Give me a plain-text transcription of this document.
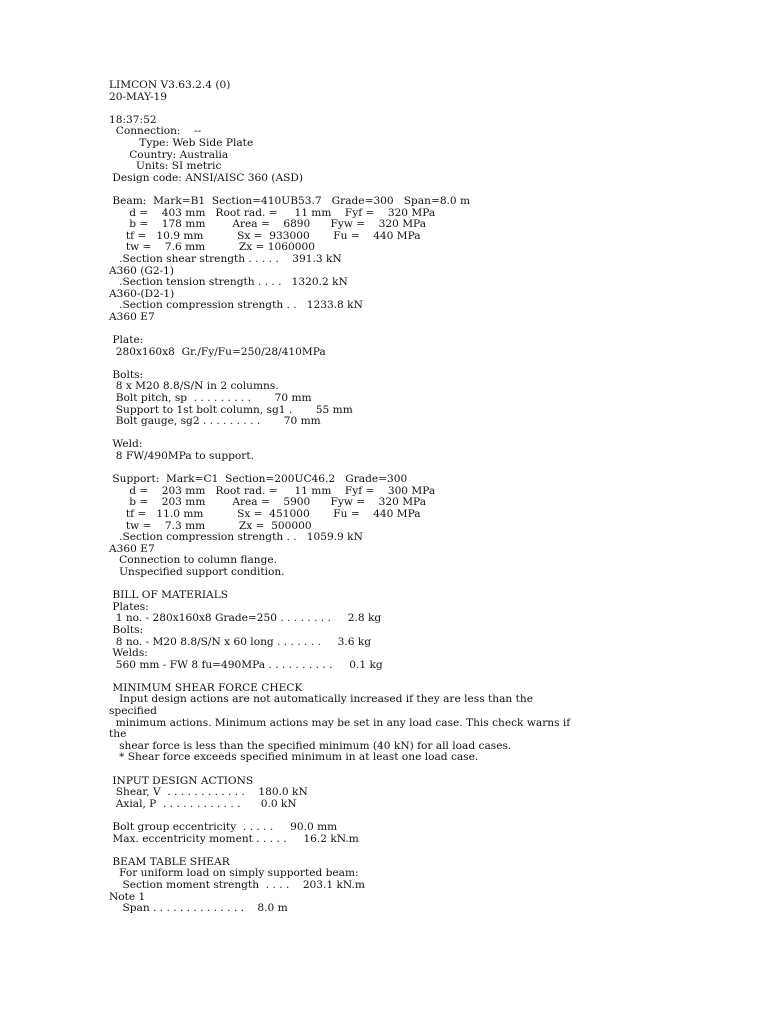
LIMCON V3.63.2.4 (0)
20-MAY-19
18:37:52
Connection:    --
Type: Web Side Plate
Country: Australia
Units: SI metric
Design code: ANSI/AISC 360 (ASD)
Beam:  Mark=B1  Section=410UB53.7   Grade=300   Span=8.0 m
d =    403 mm   Root rad. =     11 mm    Fyf =    320 MPa
b =    178 mm        Area =    6890      Fyw =    320 MPa
tf =   10.9 mm          Sx =  933000       Fu =    440 MPa
tw =    7.6 mm          Zx = 1060000
.Section shear strength . . . . .    391.3 kN
A360 (G2-1)
.Section tension strength . . . .   1320.2 kN
A360-(D2-1)
.Section compression strength . .   1233.8 kN
A360 E7
Plate:
280x160x8  Gr./Fy/Fu=250/28/410MPa
Bolts:
8 x M20 8.8/S/N in 2 columns.
Bolt pitch, sp  . . . . . . . . .       70 mm
Support to 1st bolt column, sg1 .       55 mm
Bolt gauge, sg2 . . . . . . . . .       70 mm
Weld:
8 FW/490MPa to support.
Support:  Mark=C1  Section=200UC46.2   Grade=300
d =    203 mm   Root rad. =     11 mm    Fyf =    300 MPa
b =    203 mm        Area =    5900      Fyw =    320 MPa
tf =   11.0 mm          Sx =  451000       Fu =    440 MPa
tw =    7.3 mm          Zx =  500000
.Section compression strength . .   1059.9 kN
A360 E7
Connection to column flange.
Unspecified support condition.
BILL OF MATERIALS
Plates:
1 no. - 280x160x8 Grade=250 . . . . . . . .     2.8 kg
Bolts:
8 no. - M20 8.8/S/N x 60 long . . . . . . .     3.6 kg
Welds:
560 mm - FW 8 fu=490MPa . . . . . . . . . .     0.1 kg
MINIMUM SHEAR FORCE CHECK
Input design actions are not automatically increased if they are less than the
specified
minimum actions. Minimum actions may be set in any load case. This check warns if
the
shear force is less than the specified minimum (40 kN) for all load cases.
* Shear force exceeds specified minimum in at least one load case.
INPUT DESIGN ACTIONS
Shear, V  . . . . . . . . . . . .    180.0 kN
Axial, P  . . . . . . . . . . . .      0.0 kN
Bolt group eccentricity  . . . . .     90.0 mm
Max. eccentricity moment . . . . .     16.2 kN.m
BEAM TABLE SHEAR
For uniform load on simply supported beam:
Section moment strength  . . . .    203.1 kN.m
Note 1
Span . . . . . . . . . . . . . .    8.0 m
